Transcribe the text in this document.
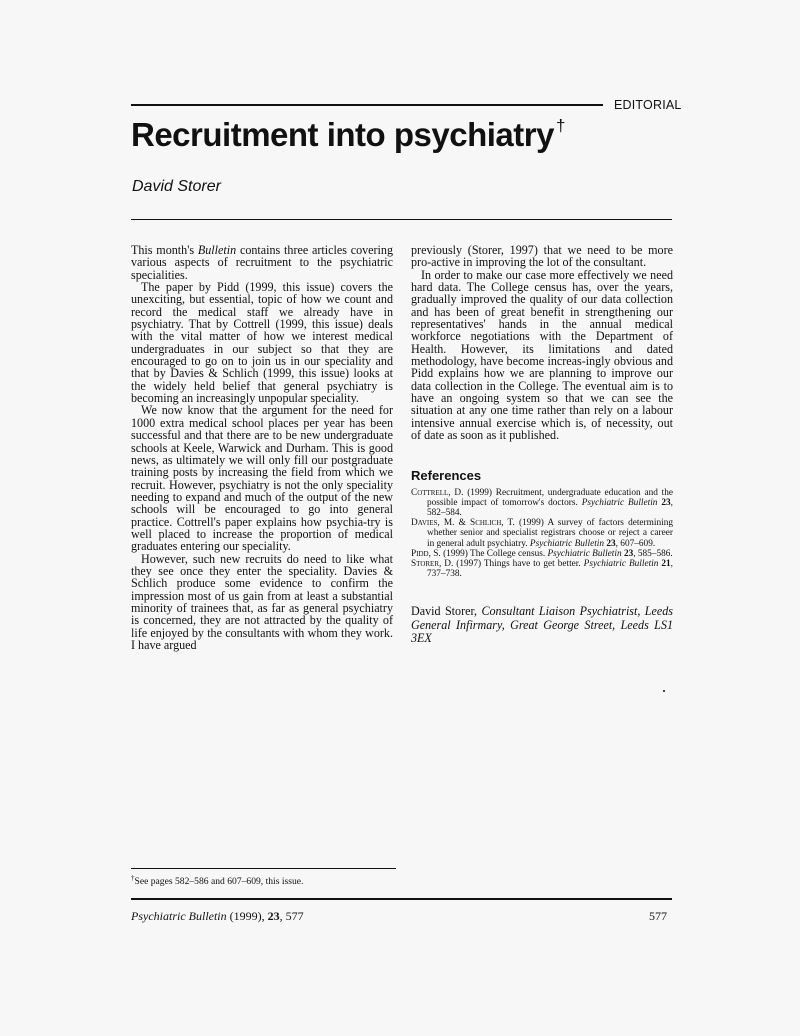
EDITORIAL
Recruitment into psychiatry †
David Storer

This month's Bulletin contains three articles covering various aspects of recruitment to the psychiatric specialities.

The paper by Pidd (1999, this issue) covers the unexciting, but essential, topic of how we count and record the medical staff we already have in psychiatry. That by Cottrell (1999, this issue) deals with the vital matter of how we interest medical undergraduates in our subject so that they are encouraged to go on to join us in our speciality and that by Davies & Schlich (1999, this issue) looks at the widely held belief that general psychiatry is becoming an increasingly unpopular speciality.

We now know that the argument for the need for 1000 extra medical school places per year has been successful and that there are to be new undergraduate schools at Keele, Warwick and Durham. This is good news, as ultimately we will only fill our postgraduate training posts by increasing the field from which we recruit. However, psychiatry is not the only speciality needing to expand and much of the output of the new schools will be encouraged to go into general practice. Cottrell's paper explains how psychia-try is well placed to increase the proportion of medical graduates entering our speciality.

However, such new recruits do need to like what they see once they enter the speciality. Davies & Schlich produce some evidence to confirm the impression most of us gain from at least a substantial minority of trainees that, as far as general psychiatry is concerned, they are not attracted by the quality of life enjoyed by the consultants with whom they work. I have argued

previously (Storer, 1997) that we need to be more pro-active in improving the lot of the consultant.

In order to make our case more effectively we need hard data. The College census has, over the years, gradually improved the quality of our data collection and has been of great benefit in strengthening our representatives' hands in the annual medical workforce negotiations with the Department of Health. However, its limitations and dated methodology, have become increas-ingly obvious and Pidd explains how we are planning to improve our data collection in the College. The eventual aim is to have an ongoing system so that we can see the situation at any one time rather than rely on a labour intensive annual exercise which is, of necessity, out of date as soon as it published.

References
Cottrell, D. (1999) Recruitment, undergraduate education and the possible impact of tomorrow's doctors. Psychiatric Bulletin 23, 582–584.
Davies, M. & Schlich, T. (1999) A survey of factors determining whether senior and specialist registrars choose or reject a career in general adult psychiatry. Psychiatric Bulletin 23, 607–609.
Pidd, S. (1999) The College census. Psychiatric Bulletin 23, 585–586.
Storer, D. (1997) Things have to get better. Psychiatric Bulletin 21, 737–738.
David Storer, Consultant Liaison Psychiatrist, Leeds General Infirmary, Great George Street, Leeds LS1 3EX
†See pages 582–586 and 607–609, this issue.
Psychiatric Bulletin (1999), 23, 577	577
